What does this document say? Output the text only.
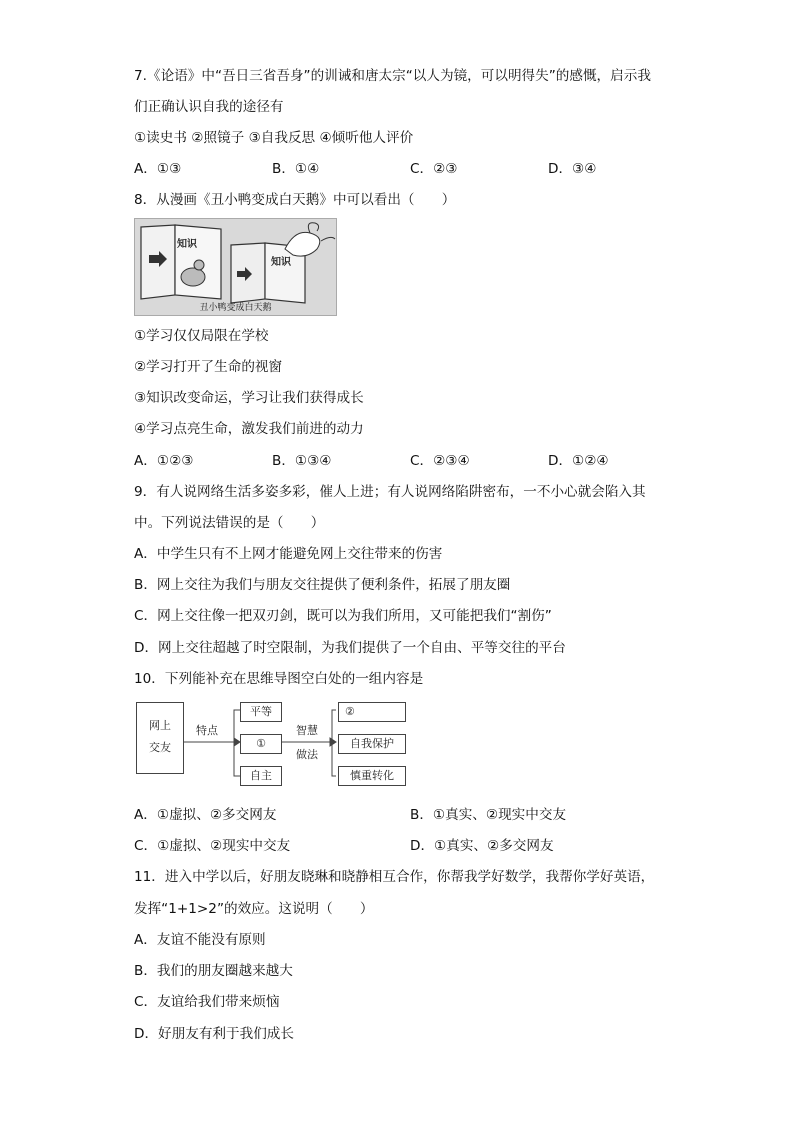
7.《论语》中“吾日三省吾身”的训诫和唐太宗“以人为镜，可以明得失”的感慨，启示我
们正确认识自我的途径有
①读史书 ②照镜子 ③自我反思 ④倾听他人评价
A．①③	B．①④	C．②③	D．③④
8．从漫画《丑小鸭变成白天鹅》中可以看出（　　）
知识
知识
丑小鸭变成白天鹅
①学习仅仅局限在学校
②学习打开了生命的视窗
③知识改变命运，学习让我们获得成长
④学习点亮生命，激发我们前进的动力
A．①②③	B．①③④	C．②③④	D．①②④
9．有人说网络生活多姿多彩，催人上进；有人说网络陷阱密布，一不小心就会陷入其
中。下列说法错误的是（　　）
A．中学生只有不上网才能避免网上交往带来的伤害
B．网上交往为我们与朋友交往提供了便利条件，拓展了朋友圈
C．网上交往像一把双刃剑，既可以为我们所用，又可能把我们“割伤”
D．网上交往超越了时空限制，为我们提供了一个自由、平等交往的平台
10．下列能补充在思维导图空白处的一组内容是
网上
交友
特点
平等
①
自主
智慧
做法
②
自我保护
慎重转化
A．①虚拟、②多交网友	B．①真实、②现实中交友
C．①虚拟、②现实中交友	D．①真实、②多交网友
11．进入中学以后，好朋友晓琳和晓静相互合作，你帮我学好数学，我帮你学好英语，
发挥“1+1>2”的效应。这说明（　　）
A．友谊不能没有原则
B．我们的朋友圈越来越大
C．友谊给我们带来烦恼
D．好朋友有利于我们成长
